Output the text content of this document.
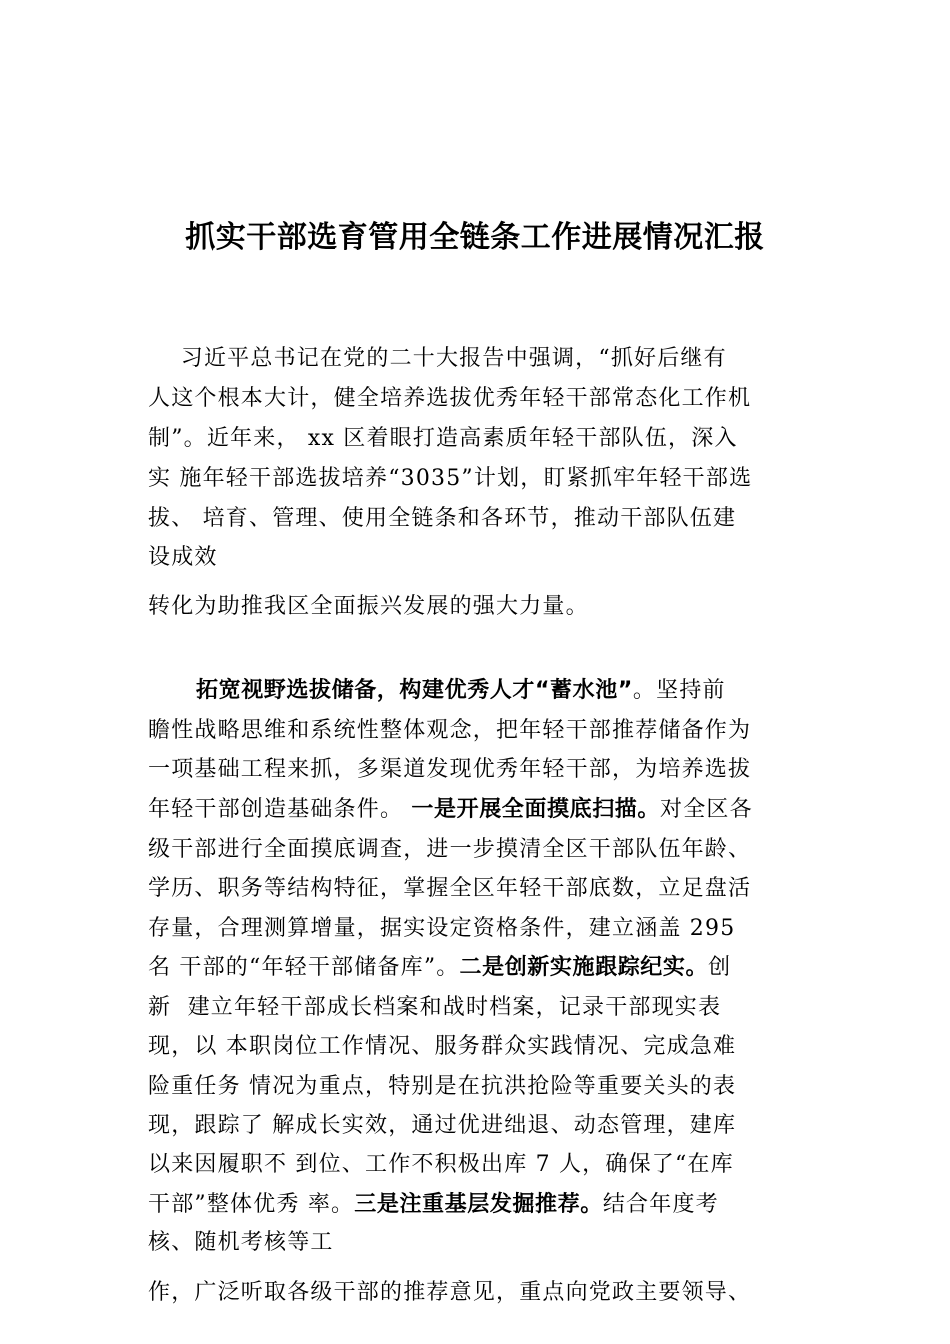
抓实干部选育管用全链条工作进展情况汇报
习近平总书记在党的二十大报告中强调，“抓好后继有
人这个根本大计，健全培养选拔优秀年轻干部常态化工作机
制”。近年来， xx 区着眼打造高素质年轻干部队伍，深入
实 施年轻干部选拔培养“3035”计划，盯紧抓牢年轻干部选
拔、 培育、管理、使用全链条和各环节，推动干部队伍建
设成效
转化为助推我区全面振兴发展的强大力量。
拓宽视野选拔储备，构建优秀人才“蓄水池”。坚持前
瞻性战略思维和系统性整体观念，把年轻干部推荐储备作为
一项基础工程来抓，多渠道发现优秀年轻干部，为培养选拔
年轻干部创造基础条件。 一是开展全面摸底扫描。对全区各
级干部进行全面摸底调查，进一步摸清全区干部队伍年龄、
学历、职务等结构特征，掌握全区年轻干部底数，立足盘活
存量，合理测算增量，据实设定资格条件，建立涵盖 295
名 干部的“年轻干部储备库”。二是创新实施跟踪纪实。创
新  建立年轻干部成长档案和战时档案，记录干部现实表
现，以 本职岗位工作情况、服务群众实践情况、完成急难
险重任务 情况为重点，特别是在抗洪抢险等重要关头的表
现，跟踪了 解成长实效，通过优进绌退、动态管理，建库
以来因履职不 到位、工作不积极出库 7 人，确保了“在库
干部”整体优秀 率。三是注重基层发掘推荐。结合年度考
核、随机考核等工
作，广泛听取各级干部的推荐意见，重点向党政主要领导、
